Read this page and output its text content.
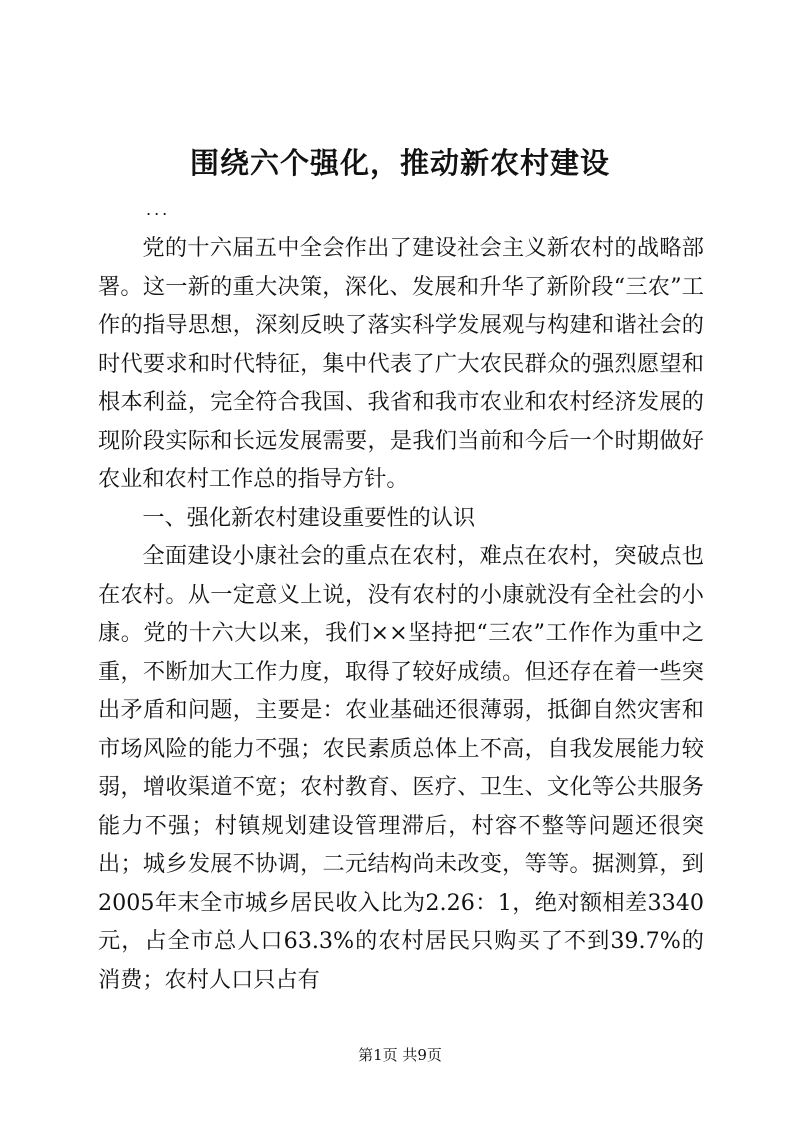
围绕六个强化，推动新农村建设
...

党的十六届五中全会作出了建设社会主义新农村的战略部署。这一新的重大决策，深化、发展和升华了新阶段“三农”工作的指导思想，深刻反映了落实科学发展观与构建和谐社会的时代要求和时代特征，集中代表了广大农民群众的强烈愿望和根本利益，完全符合我国、我省和我市农业和农村经济发展的现阶段实际和长远发展需要，是我们当前和今后一个时期做好农业和农村工作总的指导方针。

一、强化新农村建设重要性的认识

全面建设小康社会的重点在农村，难点在农村，突破点也在农村。从一定意义上说，没有农村的小康就没有全社会的小康。党的十六大以来，我们××坚持把“三农”工作作为重中之重，不断加大工作力度，取得了较好成绩。但还存在着一些突出矛盾和问题，主要是：农业基础还很薄弱，抵御自然灾害和市场风险的能力不强；农民素质总体上不高，自我发展能力较弱，增收渠道不宽；农村教育、医疗、卫生、文化等公共服务能力不强；村镇规划建设管理滞后，村容不整等问题还很突出；城乡发展不协调，二元结构尚未改变，等等。据测算，到2005年末全市城乡居民收入比为2.26：1，绝对额相差3340元，占全市总人口63.3%的农村居民只购买了不到39.7%的消费；农村人口只占有

第1页 共9页
